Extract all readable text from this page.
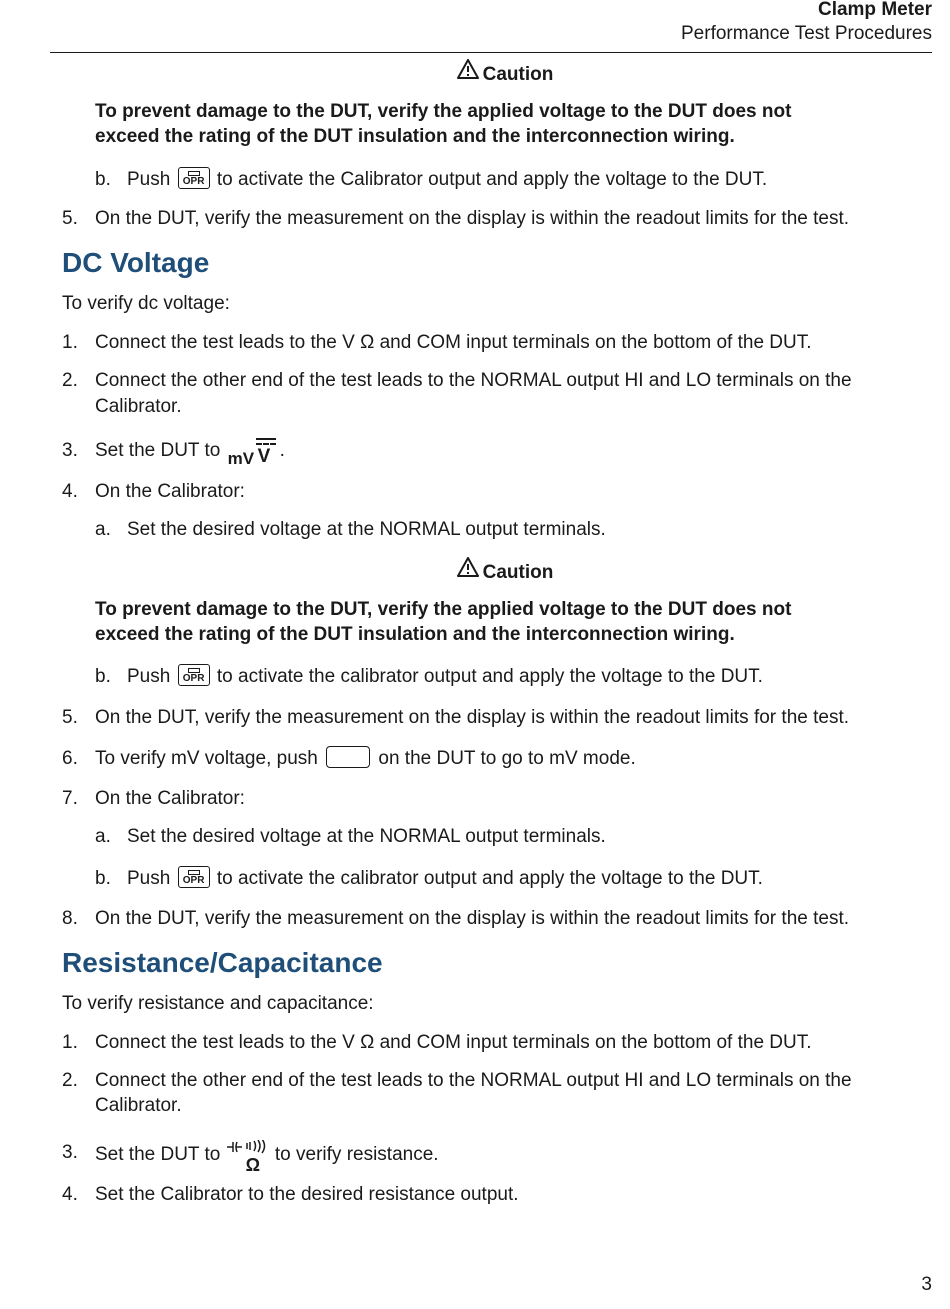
Clamp Meter
Performance Test Procedures
Caution
To prevent damage to the DUT, verify the applied voltage to the DUT does not
exceed the rating of the DUT insulation and the interconnection wiring.
b. Push	OPR to activate the Calibrator output and apply the voltage to the DUT.
5. On the DUT, verify the measurement on the display is within the readout limits for the test.
DC Voltage
To verify dc voltage:
1. Connect the test leads to the V Ω and COM input terminals on the bottom of the DUT.
2. Connect the other end of the test leads to the NORMAL output HI and LO terminals on the
Calibrator.
3. Set the DUT to mV V .
4. On the Calibrator:
a. Set the desired voltage at the NORMAL output terminals.
Caution
To prevent damage to the DUT, verify the applied voltage to the DUT does not
exceed the rating of the DUT insulation and the interconnection wiring.
b. Push	OPR to activate the calibrator output and apply the voltage to the DUT.
5. On the DUT, verify the measurement on the display is within the readout limits for the test.
6. To verify mV voltage, push	on the DUT to go to mV mode.
7. On the Calibrator:
a. Set the desired voltage at the NORMAL output terminals.
b. Push	OPR to activate the calibrator output and apply the voltage to the DUT.
8. On the DUT, verify the measurement on the display is within the readout limits for the test.
Resistance/Capacitance
To verify resistance and capacitance:
1. Connect the test leads to the V Ω and COM input terminals on the bottom of the DUT.
2. Connect the other end of the test leads to the NORMAL output HI and LO terminals on the
Calibrator.
3. Set the DUT to Ω to verify resistance.
4. Set the Calibrator to the desired resistance output.
3
